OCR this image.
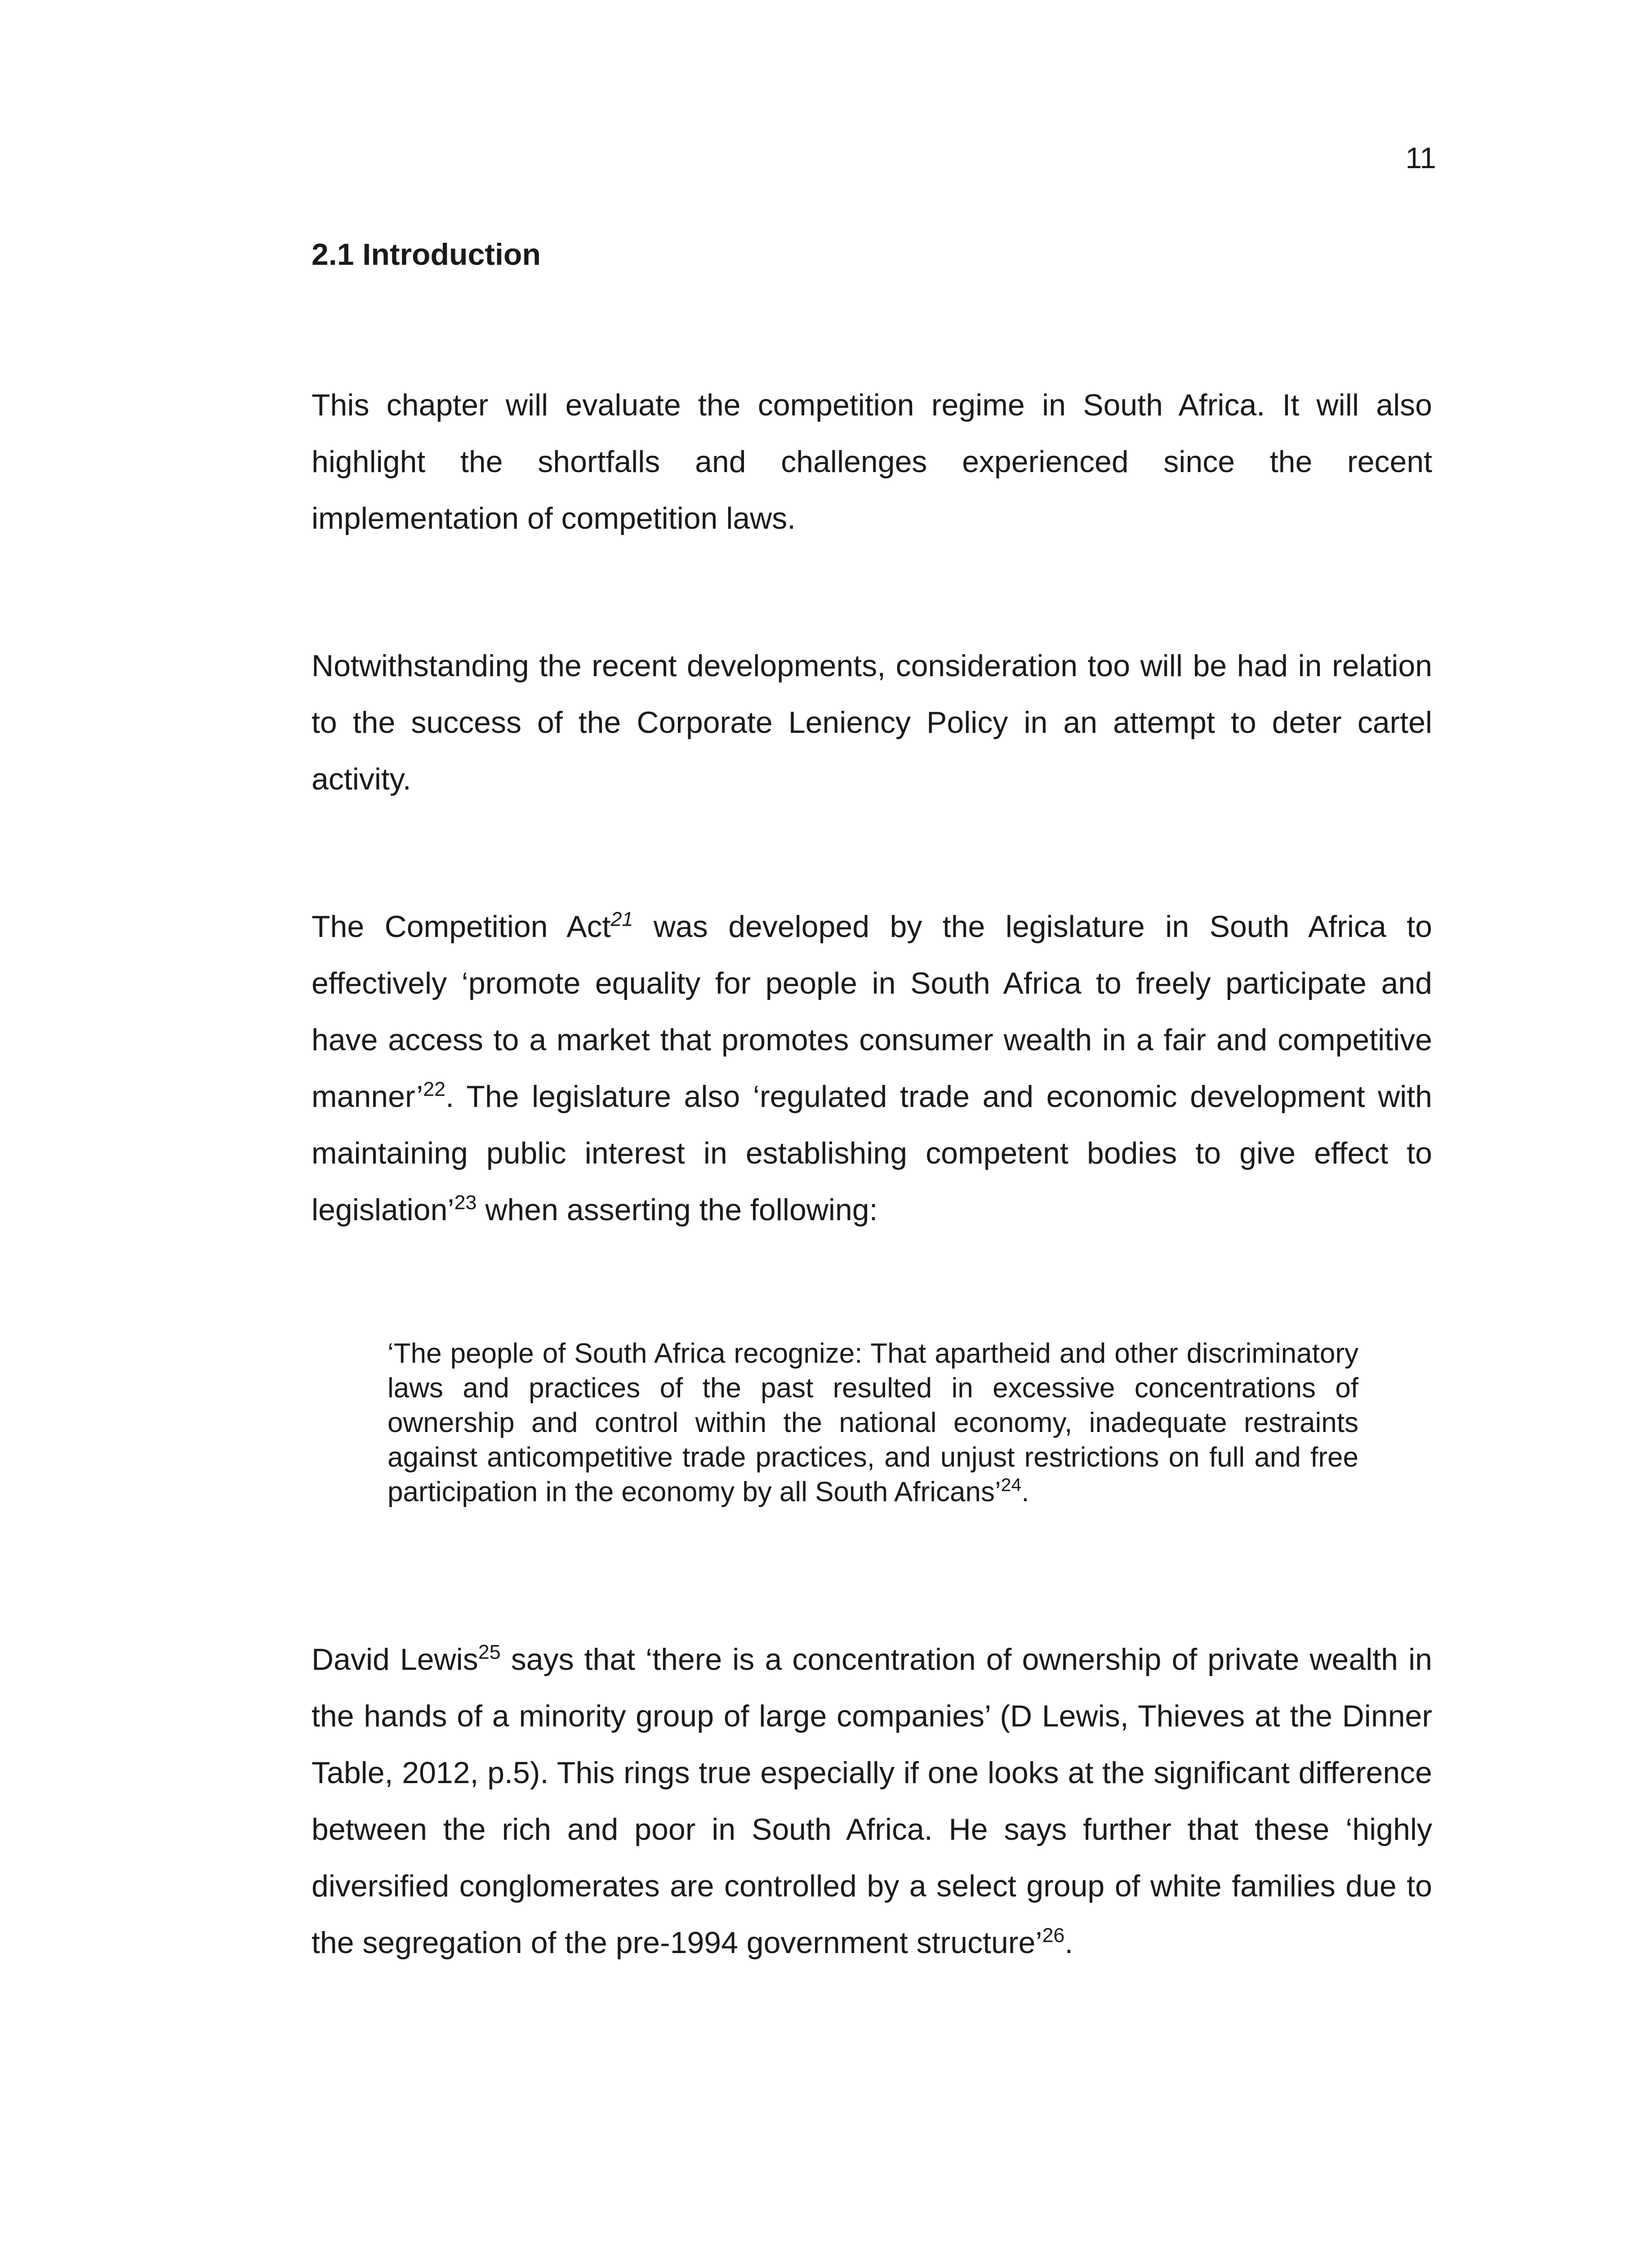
11
2.1 Introduction

This chapter will evaluate the competition regime in South Africa. It will also highlight the shortfalls and challenges experienced since the recent implementation of competition laws.

Notwithstanding the recent developments, consideration too will be had in relation to the success of the Corporate Leniency Policy in an attempt to deter cartel activity.

The Competition Act$^{21}$ was developed by the legislature in South Africa to effectively ‘promote equality for people in South Africa to freely participate and have access to a market that promotes consumer wealth in a fair and competitive manner’$^{22}$. The legislature also ‘regulated trade and economic development with maintaining public interest in establishing competent bodies to give effect to legislation’$^{23}$ when asserting the following:

‘The people of South Africa recognize: That apartheid and other discriminatory laws and practices of the past resulted in excessive concentrations of ownership and control within the national economy, inadequate restraints against anticompetitive trade practices, and unjust restrictions on full and free participation in the economy by all South Africans’$^{24}$.

David Lewis$^{25}$ says that ‘there is a concentration of ownership of private wealth in the hands of a minority group of large companies’ (D Lewis, Thieves at the Dinner Table, 2012, p.5). This rings true especially if one looks at the significant difference between the rich and poor in South Africa. He says further that these ‘highly diversified conglomerates are controlled by a select group of white families due to the segregation of the pre-1994 government structure’$^{26}$.
